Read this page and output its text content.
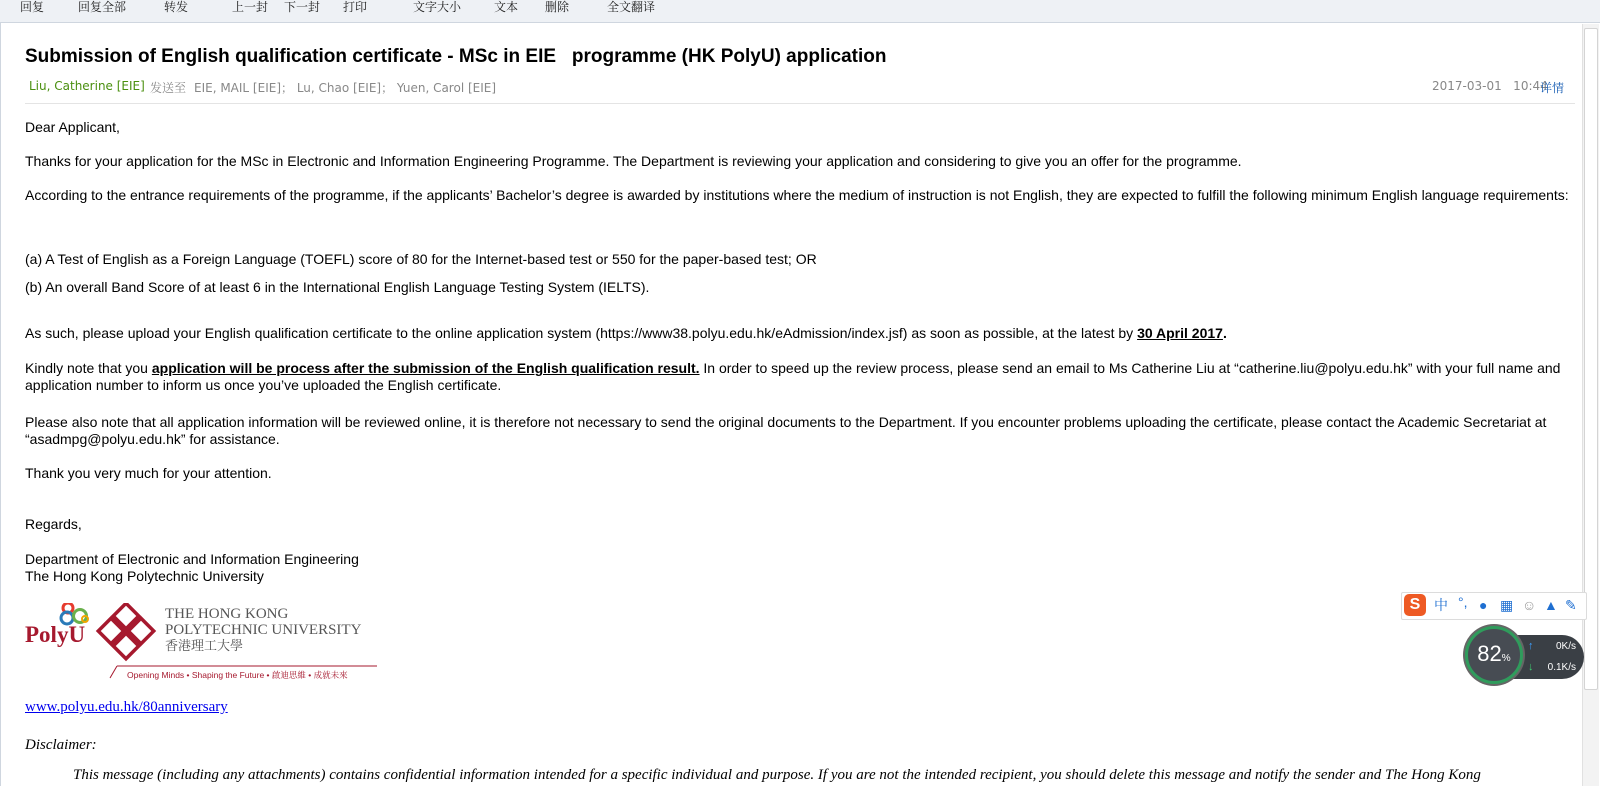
回复	回复全部	转发	上一封 下一封 打印	文字大小	文本 删除	全文翻译
Submission of English qualification certificate - MSc in EIE   programme (HK PolyU) application
Liu, Catherine [EIE] 发送至 EIE, MAIL [EIE]； Lu, Chao [EIE]； Yuen, Carol [EIE]	2017-03-01   10:44
详情

Dear Applicant,

Thanks for your application for the MSc in Electronic and Information Engineering Programme. The Department is reviewing your application and considering to give you an offer for the programme.

According to the entrance requirements of the programme, if the applicants’ Bachelor’s degree is awarded by institutions where the medium of instruction is not English, they are expected to fulfill the following minimum English language requirements:

(a) A Test of English as a Foreign Language (TOEFL) score of 80 for the Internet-based test or 550 for the paper-based test; OR

(b) An overall Band Score of at least 6 in the International English Language Testing System (IELTS).

As such, please upload your English qualification certificate to the online application system (https://www38.polyu.edu.hk/eAdmission/index.jsf) as soon as possible, at the latest by 30 April 2017.

Kindly note that you application will be process after the submission of the English qualification result. In order to speed up the review process, please send an email to Ms Catherine Liu at “catherine.liu@polyu.edu.hk” with your full name and application number to inform us once you’ve uploaded the English certificate.

Please also note that all application information will be reviewed online, it is therefore not necessary to send the original documents to the Department. If you encounter problems uploading the certificate, please contact the Academic Secretariat at “asadmpg@polyu.edu.hk” for assistance.

Thank you very much for your attention.

Regards,

Department of Electronic and Information Engineering

The Hong Kong Polytechnic University

PolyU
THE HONG KONG
POLYTECHNIC UNIVERSITY
香港理工大學
Opening Minds • Shaping the Future • 啟迪思維 • 成就未來
www.polyu.edu.hk/80anniversary
Disclaimer:
This message (including any attachments) contains confidential information intended for a specific individual and purpose. If you are not the intended recipient, you should delete this message and notify the sender and The Hong Kong
S 中 °, ● ▦ ☺ ▲ ✎
82%
↑
↓
0K/s
0.1K/s
